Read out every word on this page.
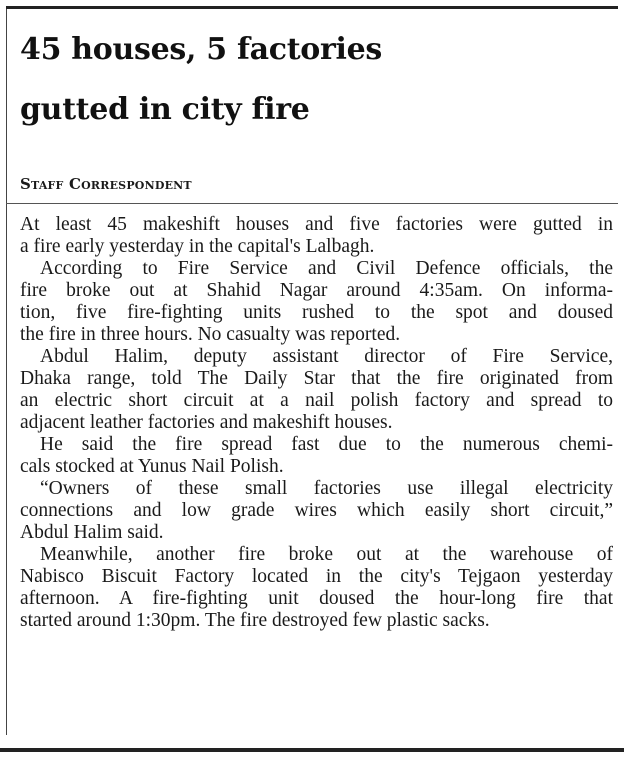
45 houses, 5 factories
gutted in city fire
Staff Correspondent
At least 45 makeshift houses and five factories were gutted in
a fire early yesterday in the capital's Lalbagh.
According to Fire Service and Civil Defence officials, the
fire broke out at Shahid Nagar around 4:35am. On informa-
tion, five fire-fighting units rushed to the spot and doused
the fire in three hours. No casualty was reported.
Abdul Halim, deputy assistant director of Fire Service,
Dhaka range, told The Daily Star that the fire originated from
an electric short circuit at a nail polish factory and spread to
adjacent leather factories and makeshift houses.
He said the fire spread fast due to the numerous chemi-
cals stocked at Yunus Nail Polish.
“Owners of these small factories use illegal electricity
connections and low grade wires which easily short circuit,”
Abdul Halim said.
Meanwhile, another fire broke out at the warehouse of
Nabisco Biscuit Factory located in the city's Tejgaon yesterday
afternoon. A fire-fighting unit doused the hour-long fire that
started around 1:30pm. The fire destroyed few plastic sacks.
